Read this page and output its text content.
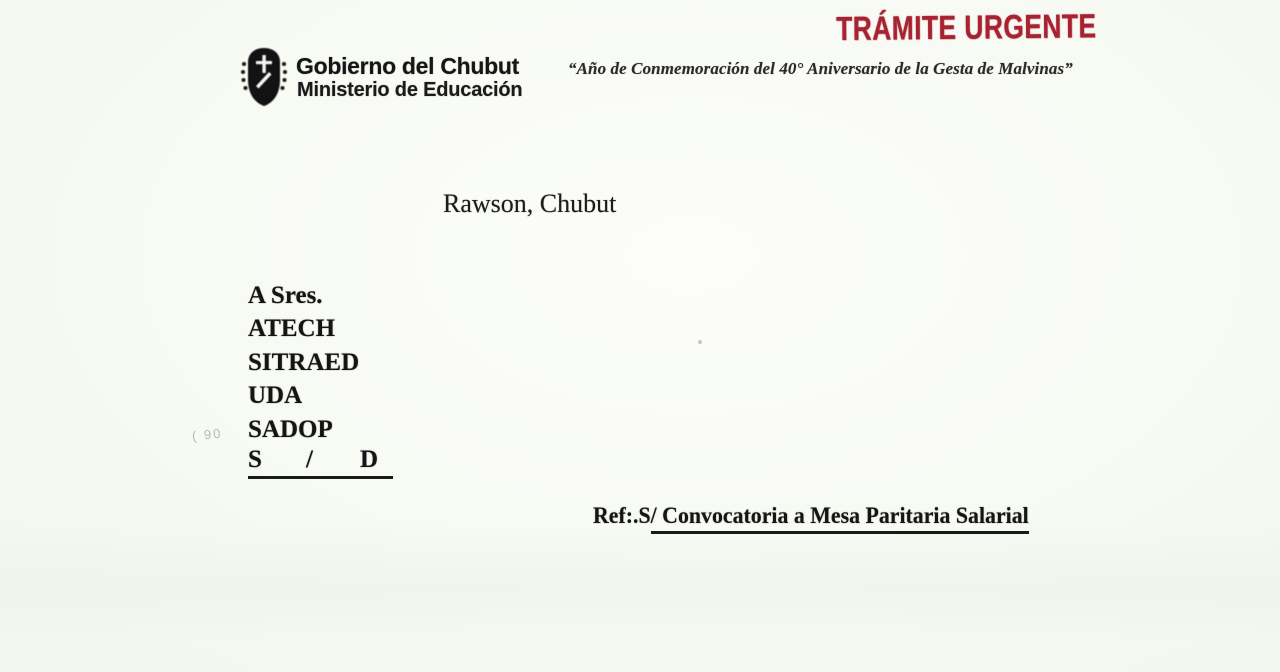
TRÁMITE URGENTE
Gobierno del Chubut
Ministerio de Educación
“Año de Conmemoración del 40° Aniversario de la Gesta de Malvinas”
Rawson, Chubut
A Sres.
ATECH
SITRAED
UDA
SADOP
S / D
Ref:.S/ Convocatoria a Mesa Paritaria Salarial
( 90
